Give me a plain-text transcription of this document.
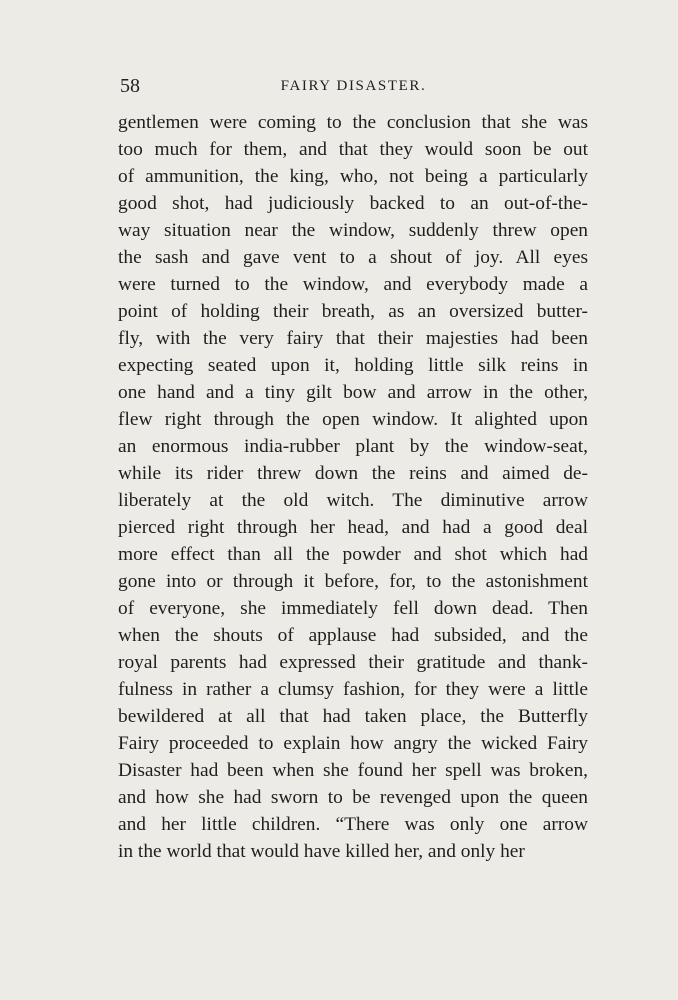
58	FAIRY DISASTER.
gentlemen were coming to the conclusion that she was
too much for them, and that they would soon be out
of ammunition, the king, who, not being a particularly
good shot, had judiciously backed to an out-of-the-
way situation near the window, suddenly threw open
the sash and gave vent to a shout of joy. All eyes
were turned to the window, and everybody made a
point of holding their breath, as an oversized butter-
fly, with the very fairy that their majesties had been
expecting seated upon it, holding little silk reins in
one hand and a tiny gilt bow and arrow in the other,
flew right through the open window. It alighted upon
an enormous india-rubber plant by the window-seat,
while its rider threw down the reins and aimed de-
liberately at the old witch. The diminutive arrow
pierced right through her head, and had a good deal
more effect than all the powder and shot which had
gone into or through it before, for, to the astonishment
of everyone, she immediately fell down dead. Then
when the shouts of applause had subsided, and the
royal parents had expressed their gratitude and thank-
fulness in rather a clumsy fashion, for they were a little
bewildered at all that had taken place, the Butterfly
Fairy proceeded to explain how angry the wicked Fairy
Disaster had been when she found her spell was broken,
and how she had sworn to be revenged upon the queen
and her little children. “There was only one arrow
in the world that would have killed her, and only her
